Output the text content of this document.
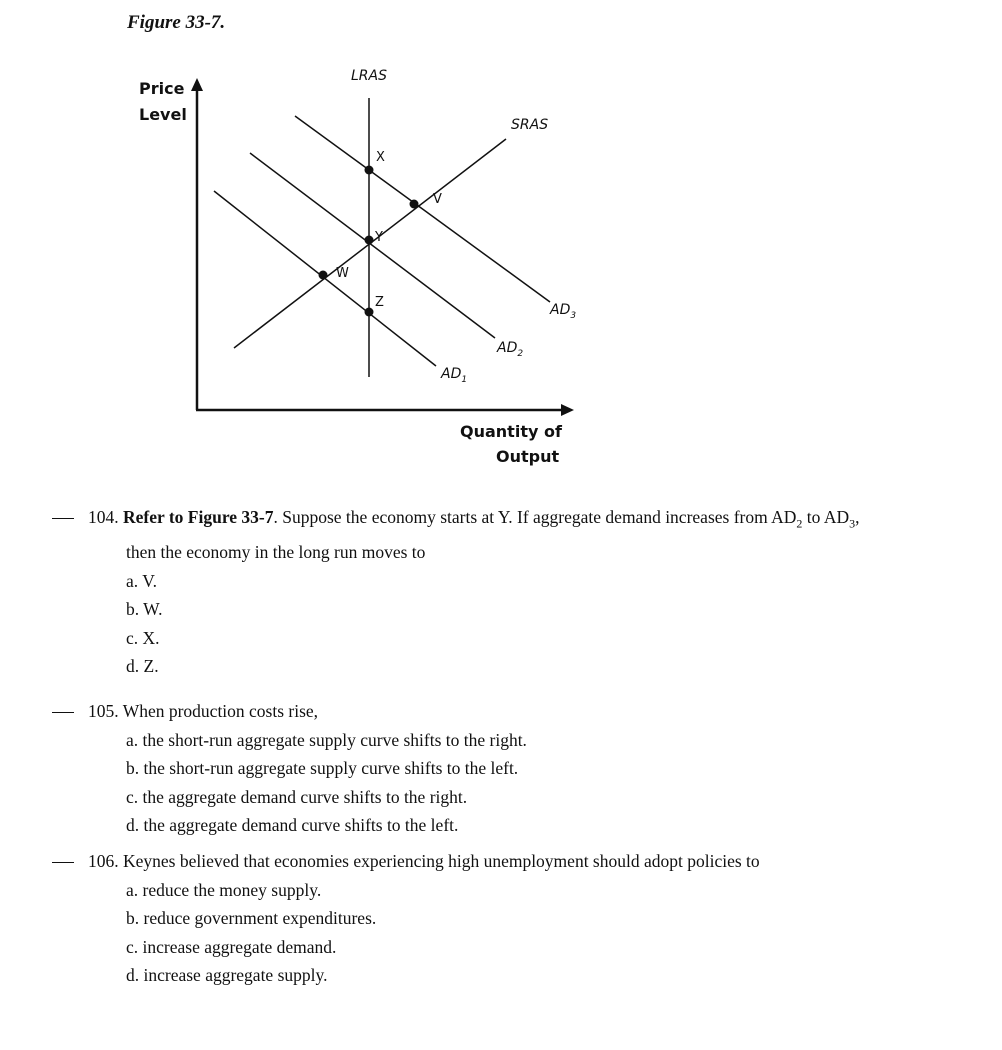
Figure 33-7.
Price
Level
Quantity of
Output
LRAS
SRAS
$AD_1$
$AD_2$
$AD_3$
X
V
Y
W
Z
104. Refer to Figure 33-7. Suppose the economy starts at Y. If aggregate demand increases from $AD_2$ to $AD_3$,
then the economy in the long run moves to
a. V.
b. W.
c. X.
d. Z.
105. When production costs rise,
a. the short-run aggregate supply curve shifts to the right.
b. the short-run aggregate supply curve shifts to the left.
c. the aggregate demand curve shifts to the right.
d. the aggregate demand curve shifts to the left.
106. Keynes believed that economies experiencing high unemployment should adopt policies to
a. reduce the money supply.
b. reduce government expenditures.
c. increase aggregate demand.
d. increase aggregate supply.
